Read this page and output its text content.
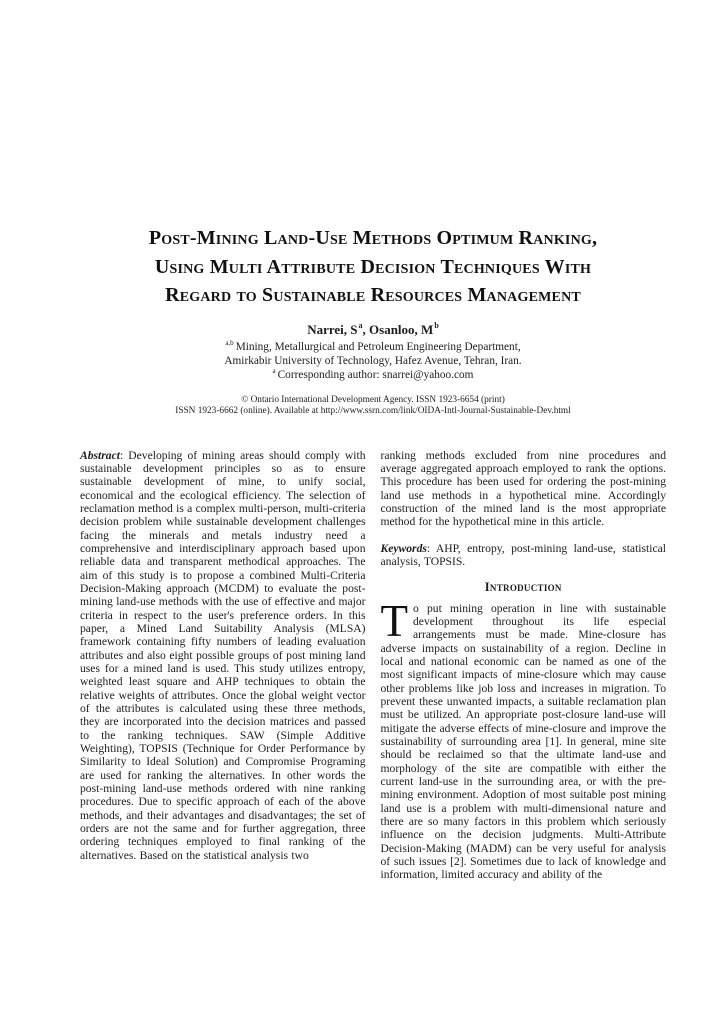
Post-Mining Land-Use Methods Optimum Ranking,
Using Multi Attribute Decision Techniques With
Regard to Sustainable Resources Management
Narrei, $S^a$, Osanloo, $M^b$
$^{a,b}$ Mining, Metallurgical and Petroleum Engineering Department,
Amirkabir University of Technology, Hafez Avenue, Tehran, Iran.
$^a$ Corresponding author: snarrei@yahoo.com
© Ontario International Development Agency. ISSN 1923-6654 (print)
ISSN 1923-6662 (online). Available at http://www.ssrn.com/link/OIDA-Intl-Journal-Sustainable-Dev.html

Abstract: Developing of mining areas should comply with sustainable development principles so as to ensure sustainable development of mine, to unify social, economical and the ecological efficiency. The selection of reclamation method is a complex multi-person, multi-criteria decision problem while sustainable development challenges facing the minerals and metals industry need a comprehensive and interdisciplinary approach based upon reliable data and transparent methodical approaches. The aim of this study is to propose a combined Multi-Criteria Decision-Making approach (MCDM) to evaluate the post-mining land-use methods with the use of effective and major criteria in respect to the user's preference orders. In this paper, a Mined Land Suitability Analysis (MLSA) framework containing fifty numbers of leading evaluation attributes and also eight possible groups of post mining land uses for a mined land is used. This study utilizes entropy, weighted least square and AHP techniques to obtain the relative weights of attributes. Once the global weight vector of the attributes is calculated using these three methods, they are incorporated into the decision matrices and passed to the ranking techniques. SAW (Simple Additive Weighting), TOPSIS (Technique for Order Performance by Similarity to Ideal Solution) and Compromise Programing are used for ranking the alternatives. In other words the post-mining land-use methods ordered with nine ranking procedures. Due to specific approach of each of the above methods, and their advantages and disadvantages; the set of orders are not the same and for further aggregation, three ordering techniques employed to final ranking of the alternatives. Based on the statistical analysis two

ranking methods excluded from nine procedures and average aggregated approach employed to rank the options. This procedure has been used for ordering the post-mining land use methods in a hypothetical mine. Accordingly construction of the mined land is the most appropriate method for the hypothetical mine in this article.

Keywords: AHP, entropy, post-mining land-use, statistical analysis, TOPSIS.

Introduction

To put mining operation in line with sustainable development throughout its life especial arrangements must be made. Mine-closure has adverse impacts on sustainability of a region. Decline in local and national economic can be named as one of the most significant impacts of mine-closure which may cause other problems like job loss and increases in migration. To prevent these unwanted impacts, a suitable reclamation plan must be utilized. An appropriate post-closure land-use will mitigate the adverse effects of mine-closure and improve the sustainability of surrounding area [1]. In general, mine site should be reclaimed so that the ultimate land-use and morphology of the site are compatible with either the current land-use in the surrounding area, or with the pre-mining environment. Adoption of most suitable post mining land use is a problem with multi-dimensional nature and there are so many factors in this problem which seriously influence on the decision judgments. Multi-Attribute Decision-Making (MADM) can be very useful for analysis of such issues [2]. Sometimes due to lack of knowledge and information, limited accuracy and ability of the
